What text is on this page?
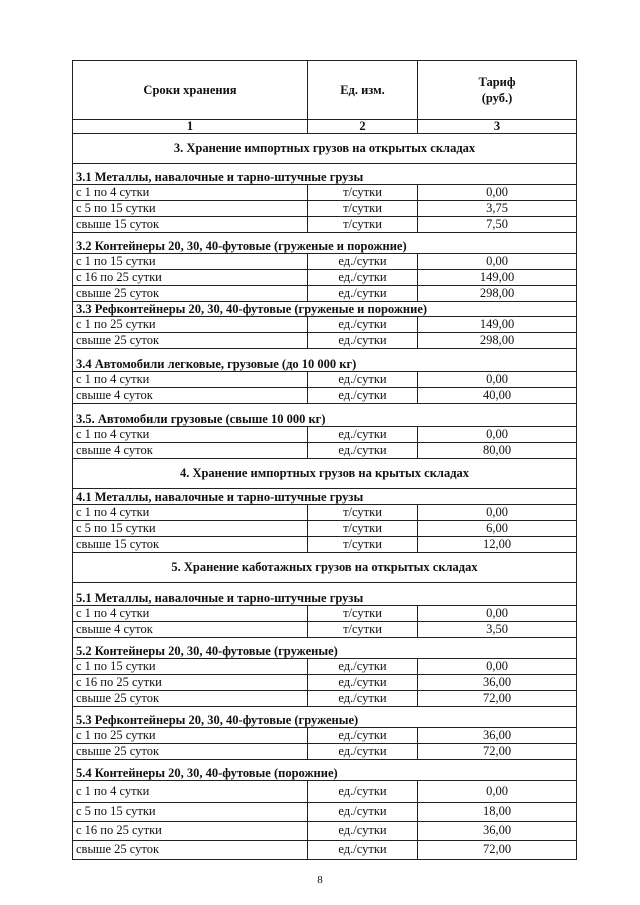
Сроки хранения	Ед. изм.	Тариф
(руб.)

1	2	3
3. Хранение импортных грузов на открытых складах		
3.1 Металлы, навалочные и тарно-штучные грузы		
с 1 по 4 сутки	т/сутки	0,00
с 5 по 15 сутки	т/сутки	3,75
свыше 15 суток	т/сутки	7,50
3.2 Контейнеры 20, 30, 40-футовые (груженые и порожние)		
с 1 по 15 сутки	ед./сутки	0,00
с 16 по 25 сутки	ед./сутки	149,00
свыше 25 суток	ед./сутки	298,00
3.3 Рефконтейнеры 20, 30, 40-футовые (груженые и порожние)		
с 1 по 25 сутки	ед./сутки	149,00
свыше 25 суток	ед./сутки	298,00
3.4 Автомобили легковые, грузовые (до 10 000 кг)		
с 1 по 4 сутки	ед./сутки	0,00
свыше 4 суток	ед./сутки	40,00
3.5. Автомобили грузовые (свыше 10 000 кг)		
с 1 по 4 сутки	ед./сутки	0,00
свыше 4 суток	ед./сутки	80,00
4. Хранение импортных грузов на крытых складах		
4.1 Металлы, навалочные и тарно-штучные грузы		
с 1 по 4 сутки	т/сутки	0,00
с 5 по 15 сутки	т/сутки	6,00
свыше 15 суток	т/сутки	12,00
5. Хранение каботажных грузов на открытых складах		
5.1 Металлы, навалочные и тарно-штучные грузы		
с 1 по 4 сутки	т/сутки	0,00
свыше 4 суток	т/сутки	3,50
5.2 Контейнеры 20, 30, 40-футовые (груженые)		
с 1 по 15 сутки	ед./сутки	0,00
с 16 по 25 сутки	ед./сутки	36,00
свыше 25 суток	ед./сутки	72,00
5.3 Рефконтейнеры 20, 30, 40-футовые (груженые)		
с 1 по 25 сутки	ед./сутки	36,00
свыше 25 суток	ед./сутки	72,00
5.4 Контейнеры 20, 30, 40-футовые (порожние)		
с 1 по 4 сутки	ед./сутки	0,00
с 5 по 15 сутки	ед./сутки	18,00
с 16 по 25 сутки	ед./сутки	36,00
свыше 25 суток	ед./сутки	72,00
8
